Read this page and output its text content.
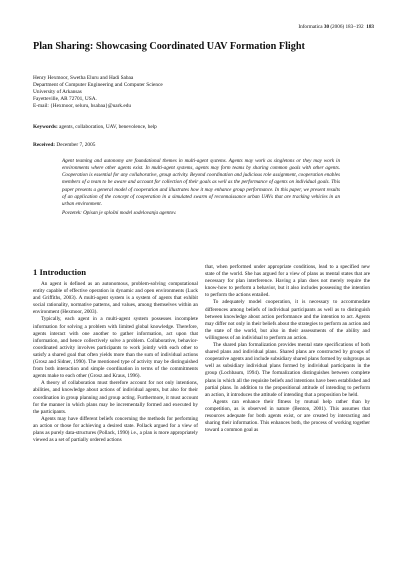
Informatica 30 (2006) 183–192 183
Plan Sharing: Showcasing Coordinated UAV Formation Flight
Henry Hexmoor, Swetha Eluru and Hadi Sabaa
Department of Computer Engineering and Computer Science
University of Arkansas
Fayetteville, AR 72701, USA.
E-mail: {Hexmoor, seluru, hsabaa}@uark.edu
Keywords: agents, collaboration, UAV, benevolence, help
Received: December 7, 2005

Agent teaming and autonomy are foundational themes in multi-agent systems. Agents may work as singletons or they may work in environments where other agents exist. In multi-agent systems, agents may form teams by sharing common goals with other agents. Cooperation is essential for any collaborative, group activity. Beyond coordination and judicious role assignment, cooperation enables members of a team to be aware and account for collection of their goals as well as the performance of agents on individual goals. This paper presents a general model of cooperation and illustrates how it may enhance group performance. In this paper, we present results of an application of the concept of cooperation in a simulated swarm of reconnaissance urban UAVs that are tracking vehicles in an urban environment.

Povzetek: Opisan je splošni model sodelovanja agentov.

1 Introduction

An agent is defined as an autonomous, problem-solving computational entity capable of effective operation in dynamic and open environments (Luck and Griffiths, 2003). A multi-agent system is a system of agents that exhibit social rationality, normative patterns, and values, among themselves within an environment (Hexmoor, 2003).

Typically, each agent in a multi-agent system possesses incomplete information for solving a problem with limited global knowledge. Therefore, agents interact with one another to gather information, act upon that information, and hence collectively solve a problem. Collaborative, behavior-coordinated activity involves participants to work jointly with each other to satisfy a shared goal that often yields more than the sum of individual actions (Grosz and Sidner, 1990). The mentioned type of activity may be distinguished from both interaction and simple coordination in terms of the commitments agents make to each other (Grosz and Kraus, 1996).

A theory of collaboration must therefore account for not only intentions, abilities, and knowledge about actions of individual agents, but also for their coordination in group planning and group acting. Furthermore, it must account for the manner in which plans may be incrementally formed and executed by the participants.

Agents may have different beliefs concerning the methods for performing an action or those for achieving a desired state. Pollack argued for a view of plans as purely data-structures (Pollack, 1990) i.e., a plan is more appropriately viewed as a set of partially ordered actions

that, when performed under appropriate conditions, lead to a specified new state of the world. She has argued for a view of plans as mental states that are necessary for plan interference. Having a plan does not merely require the know-how to perform a behavior, but it also includes possessing the intention to perform the actions entailed.

To adequately model cooperation, it is necessary to accommodate differences among beliefs of individual participants as well as to distinguish between knowledge about action performance and the intention to act. Agents may differ not only in their beliefs about the strategies to perform an action and the state of the world, but also in their assessments of the ability and willingness of an individual to perform an action.

The shared plan formalization provides mental state specifications of both shared plans and individual plans. Shared plans are constructed by groups of cooperative agents and include subsidiary shared plans formed by subgroups as well as subsidiary individual plans formed by individual participants in the group (Lochbaum, 1994). The formalization distinguishes between complete plans in which all the requisite beliefs and intentions have been established and partial plans. In addition to the propositional attitude of intending to perform an action, it introduces the attitude of intending that a proposition be held.

Agents can enhance their fitness by mutual help rather than by competition, as is observed in nature (Benton, 2001). This assumes that resources adequate for both agents exist, or are created by interacting and sharing their information. This enhances both, the process of working together toward a common goal as
